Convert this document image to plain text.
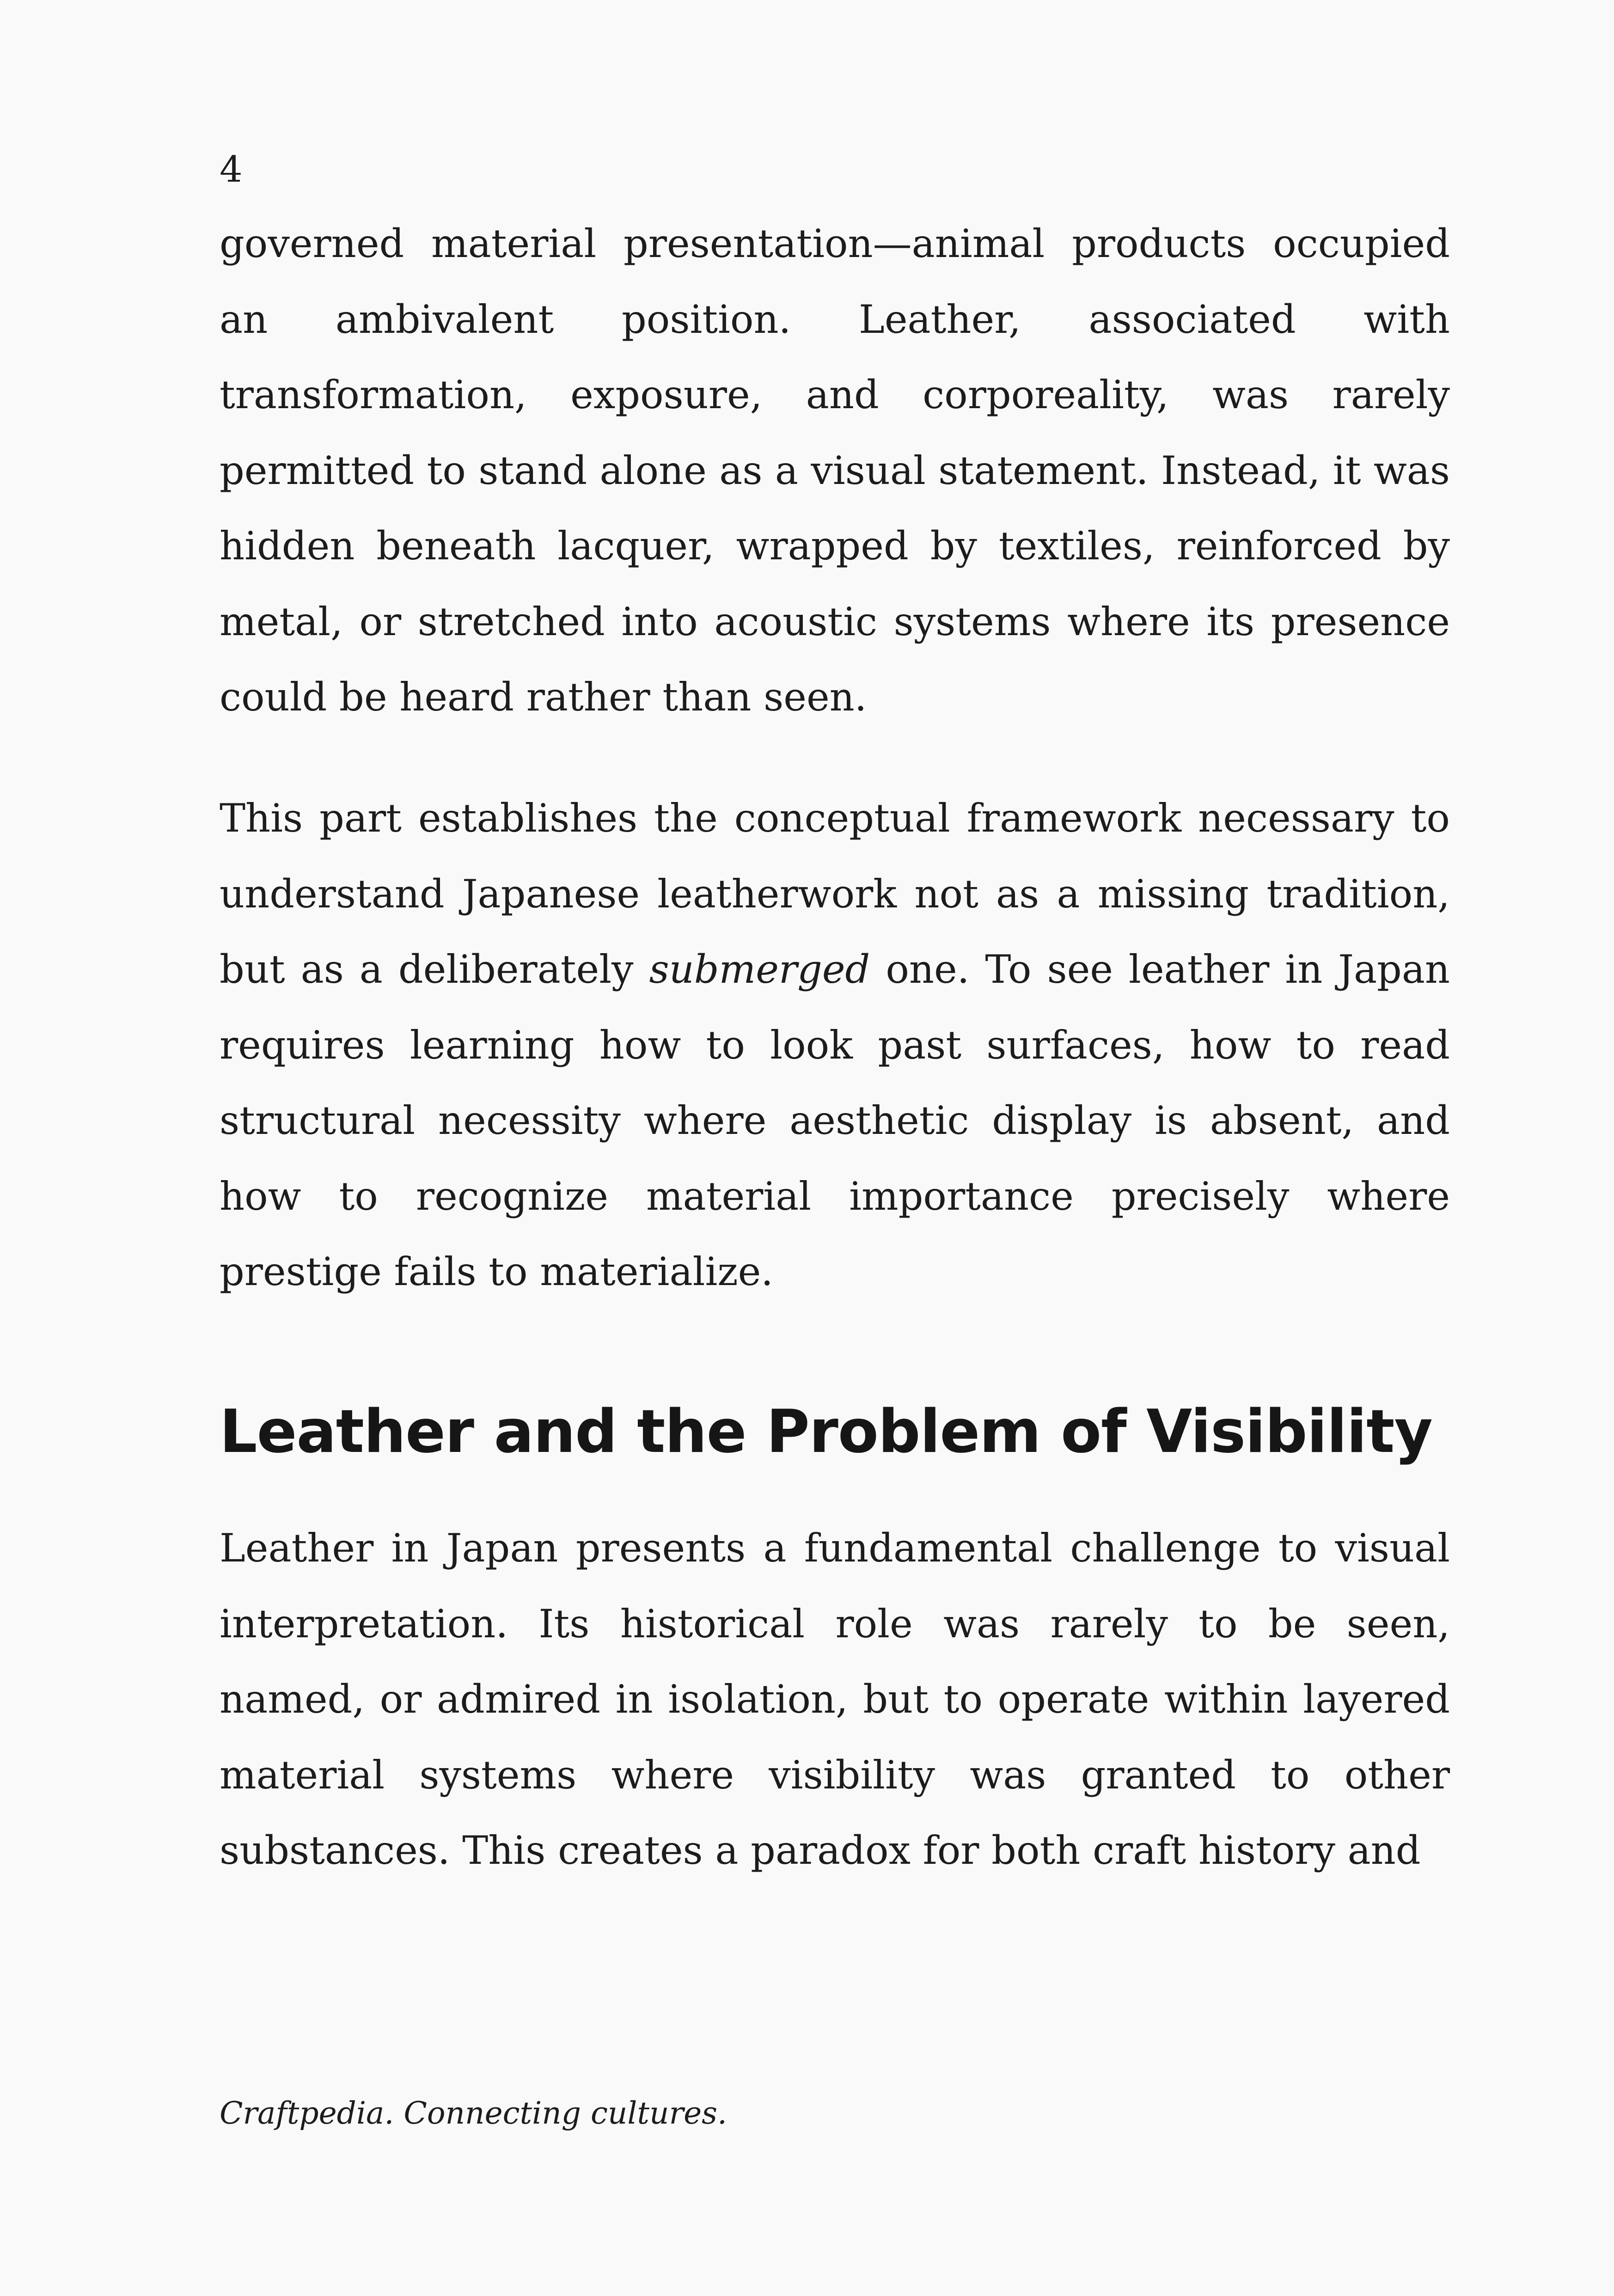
4

governed material presentation—animal products occupied an ambivalent position. Leather, associated with transformation, exposure, and corporeality, was rarely permitted to stand alone as a visual statement. Instead, it was hidden beneath lacquer, wrapped by textiles, reinforced by metal, or stretched into acoustic systems where its presence could be heard rather than seen.

This part establishes the conceptual framework necessary to understand Japanese leatherwork not as a missing tradition, but as a deliberately submerged one. To see leather in Japan requires learning how to look past surfaces, how to read structural necessity where aesthetic display is absent, and how to recognize material importance precisely where prestige fails to materialize.

Leather and the Problem of Visibility

Leather in Japan presents a fundamental challenge to visual interpretation. Its historical role was rarely to be seen, named, or admired in isolation, but to operate within layered material systems where visibility was granted to other substances. This creates a paradox for both craft history and

Craftpedia. Connecting cultures.
